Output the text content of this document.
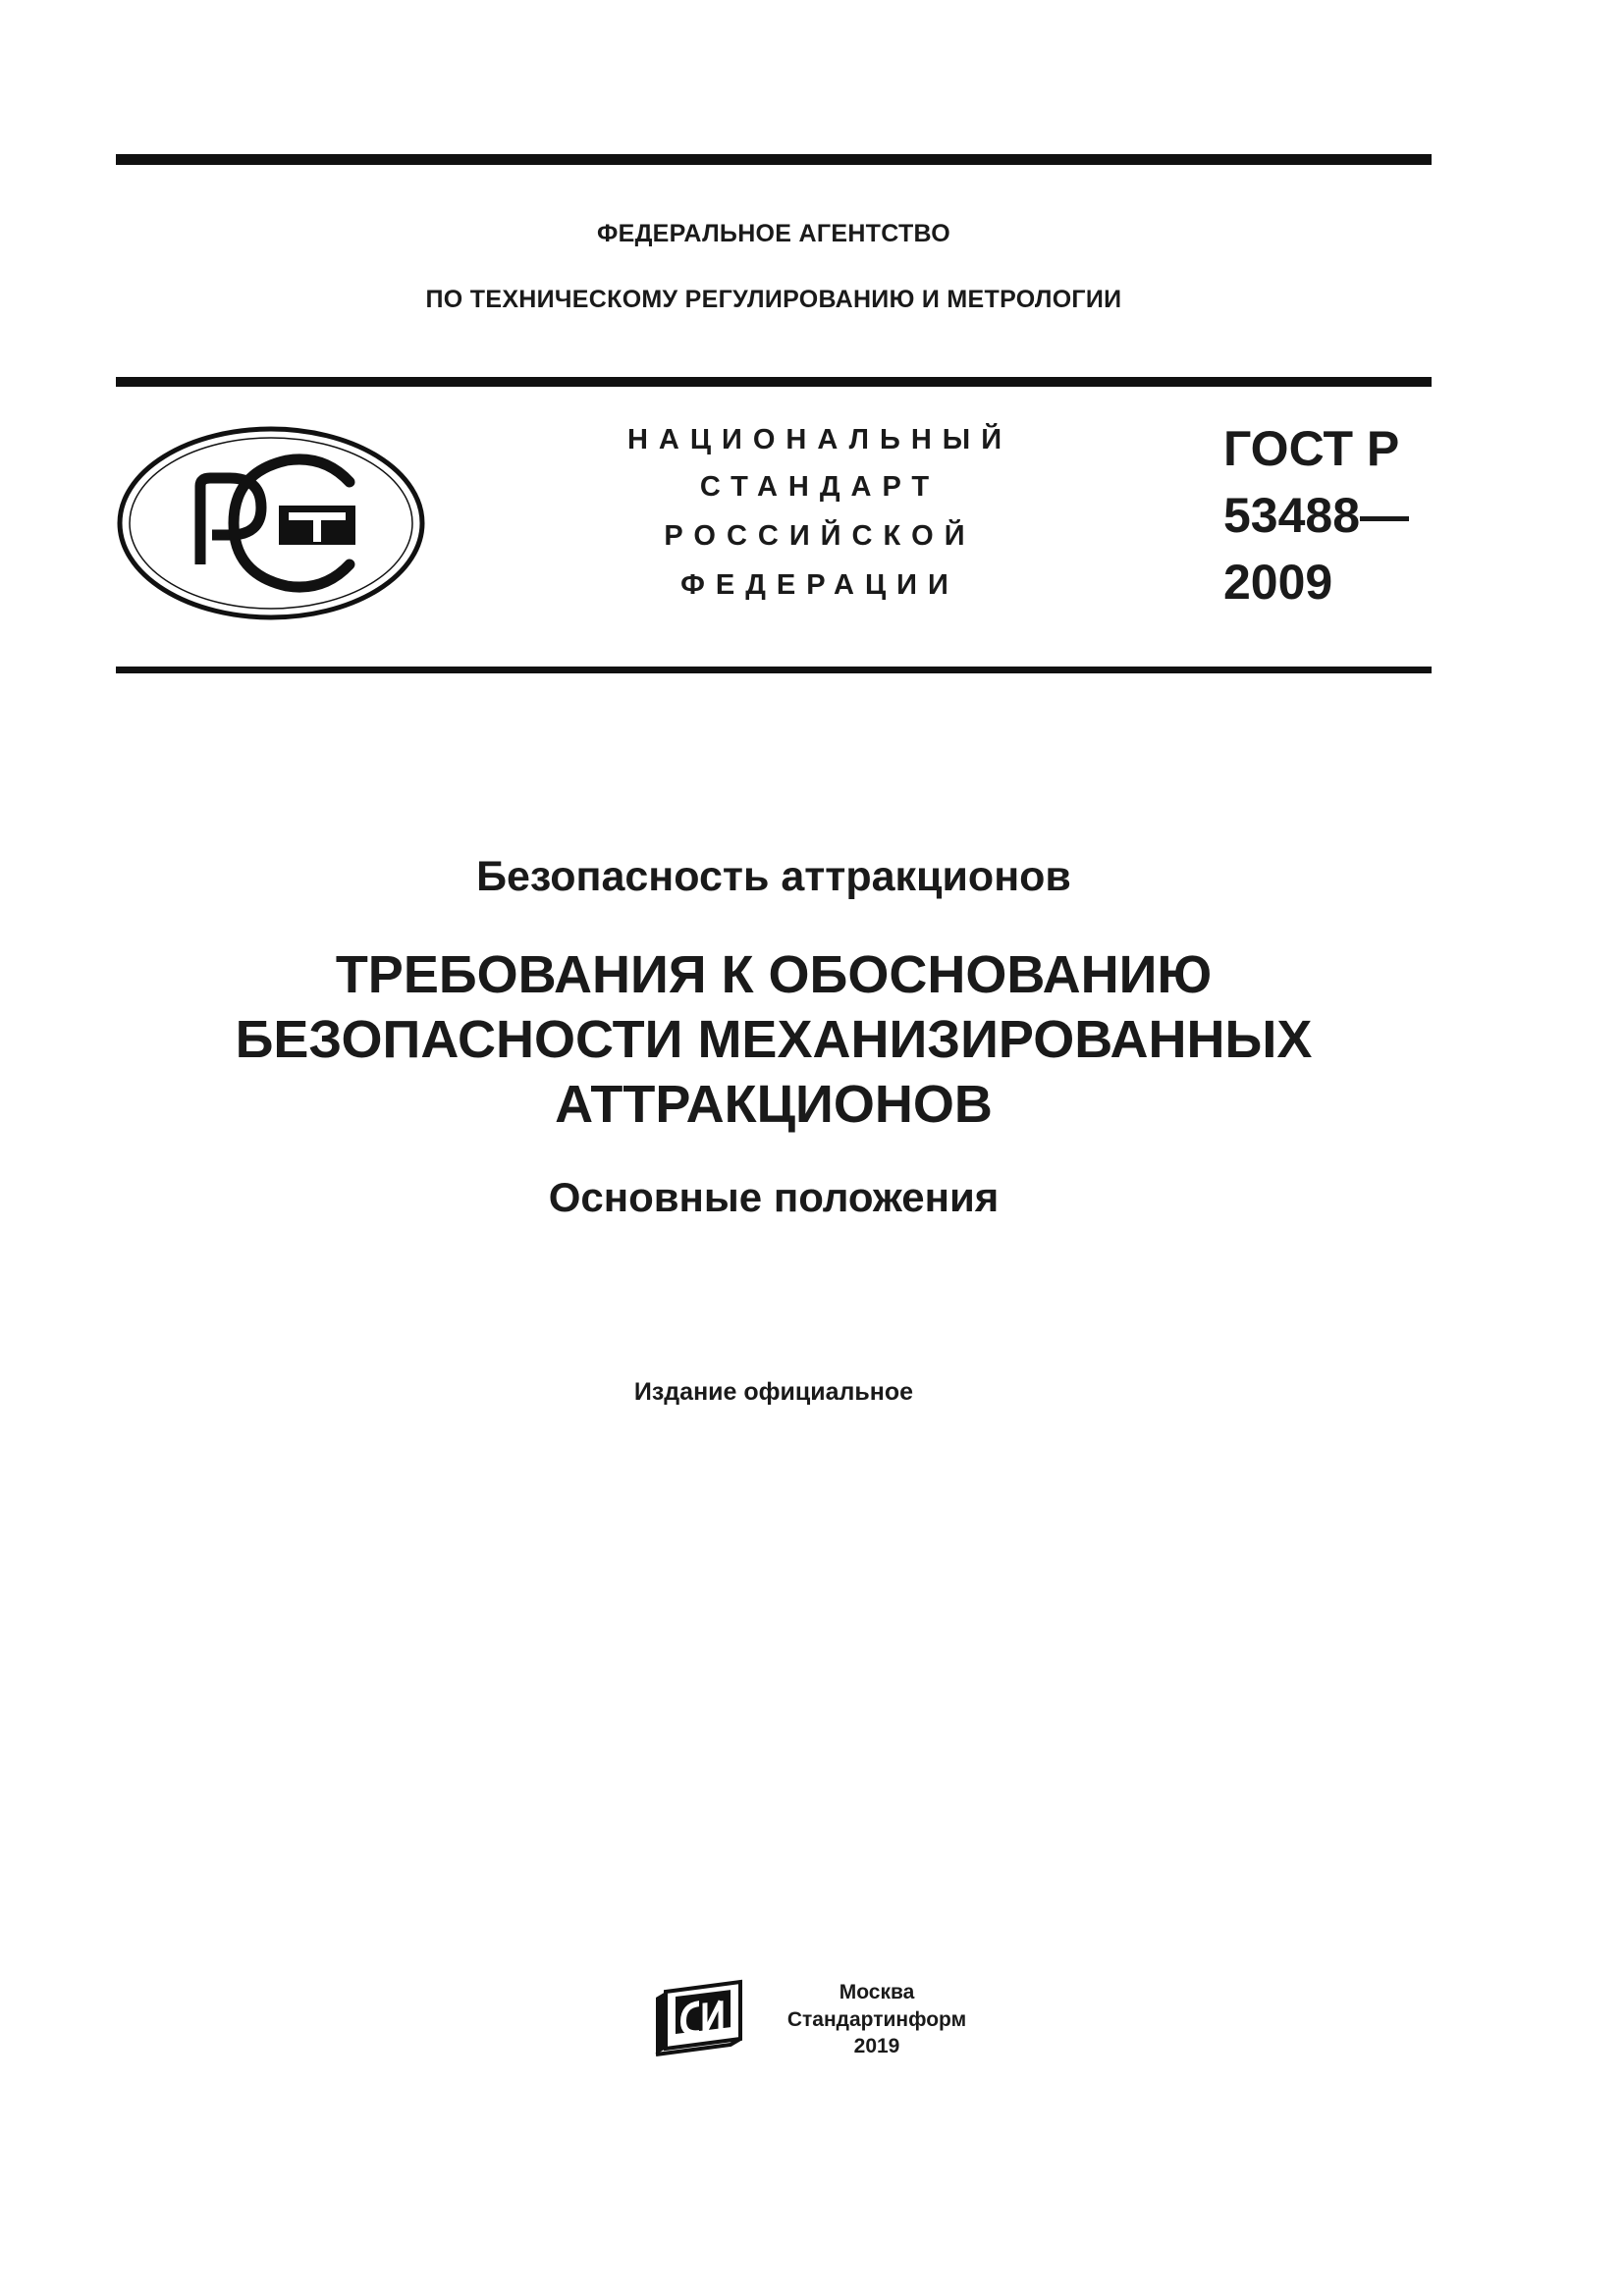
ФЕДЕРАЛЬНОЕ АГЕНТСТВО
ПО ТЕХНИЧЕСКОМУ РЕГУЛИРОВАНИЮ И МЕТРОЛОГИИ
НАЦИОНАЛЬНЫЙ
СТАНДАРТ
РОССИЙСКОЙ
ФЕДЕРАЦИИ
ГОСТ Р
53488—
2009
Безопасность аттракционов
ТРЕБОВАНИЯ К ОБОСНОВАНИЮ
БЕЗОПАСНОСТИ МЕХАНИЗИРОВАННЫХ
АТТРАКЦИОНОВ
Основные положения
Издание официальное
Москва
Стандартинформ
2019
